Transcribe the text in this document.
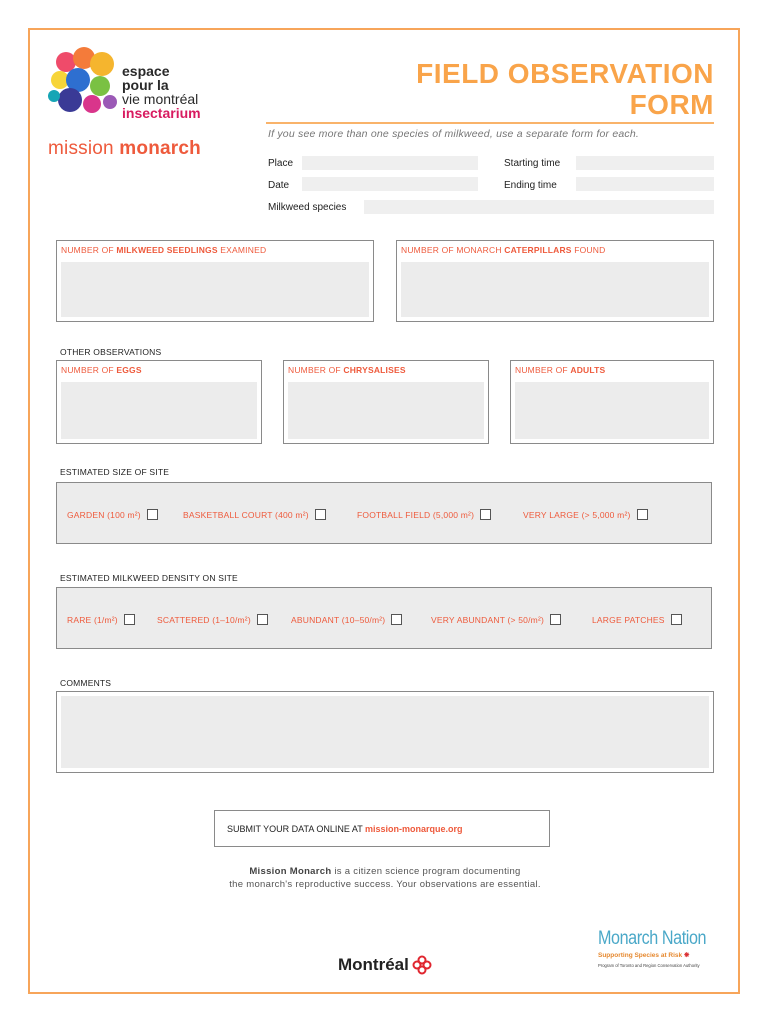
espace
pour la
vie montréal
insectarium
mission monarch
FIELD OBSERVATION
FORM
If you see more than one species of milkweed, use a separate form for each.
Place	Starting time
Date	Ending time
Milkweed species
NUMBER OF MILKWEED SEEDLINGS EXAMINED	NUMBER OF MONARCH CATERPILLARS FOUND
OTHER OBSERVATIONS
NUMBER OF EGGS	NUMBER OF CHRYSALISES	NUMBER OF ADULTS
ESTIMATED SIZE OF SITE
GARDEN (100 m²)	BASKETBALL COURT (400 m²)	FOOTBALL FIELD (5,000 m²)	VERY LARGE (> 5,000 m²)
ESTIMATED MILKWEED DENSITY ON SITE
RARE (1/m²)	SCATTERED (1–10/m²)	ABUNDANT (10–50/m²)	VERY ABUNDANT (> 50/m²)	LARGE PATCHES
COMMENTS
SUBMIT YOUR DATA ONLINE AT mission-monarque.org
Mission Monarch is a citizen science program documenting
the monarch's reproductive success. Your observations are essential.
Montréal
Monarch Nation
Supporting Species at Risk ❋
Program of Toronto and Region Conservation Authority
